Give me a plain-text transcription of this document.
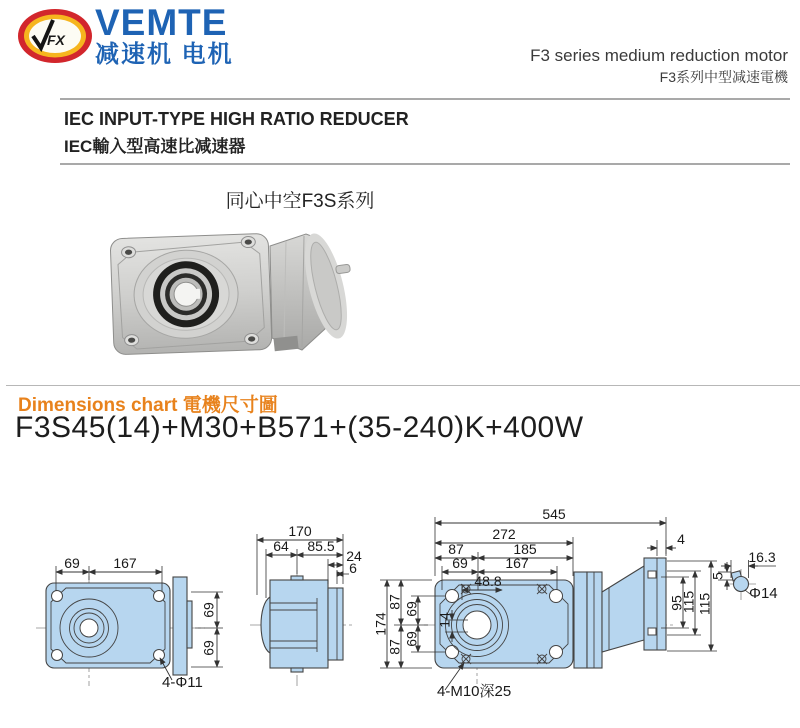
FX VEMTE
减速机 电机	F3 series medium reduction motor
F3系列中型减速電機
IEC INPUT-TYPE HIGH RATIO REDUCER
IEC輸入型高速比减速器
同心中空F3S系列
Dimensions chart 電機尺寸圖
F3S45(14)+M30+B571+(35-240)K+400W
69 167
69
69
4-Φ11
170
64 85.5
24
6
545
272
87	185
69	167
48.8
14
174
87
87
69
69
4
95
115 115
4-M10深25
16.3
5
Φ14
